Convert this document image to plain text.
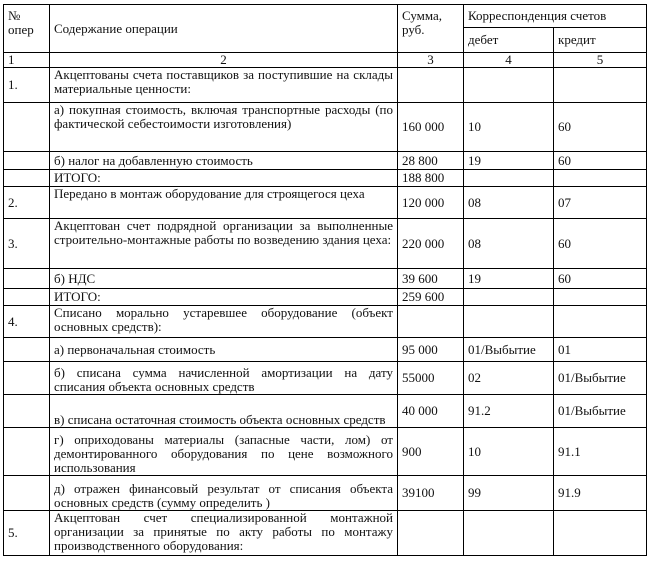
№ опер	Содержание операции	Сумма, руб.	Корреспонденция счетов	
			дебет	кредит
1	2	3	4	5
1.	Акцептованы счета поставщиков за поступившие на склады материальные ценности:			
	а) покупная стоимость, включая транспортные расходы (по фактической себестоимости изготовления)	160 000	10	60
	б) налог на добавленную стоимость	28 800	19	60
	ИТОГО:	188 800		
2.	Передано в монтаж оборудование для строящегося цеха	120 000	08	07
3.	Акцептован счет подрядной организации за выполненные строительно-монтажные работы по возведению здания цеха:	220 000	08	60
	б) НДС	39 600	19	60
	ИТОГО:	259 600		
4.	Списано морально устаревшее оборудование (объект основных средств):			
	а) первоначальная стоимость	95 000	01/Выбытие	01
	б) списана сумма начисленной амортизации на дату списания объекта основных средств	55000	02	01/Выбытие
	в) списана остаточная стоимость объекта основных средств	40 000	91.2	01/Выбытие
	г) оприходованы материалы (запасные части, лом) от демонтированного оборудования по цене возможного использования	900	10	91.1
	д) отражен финансовый результат от списания объекта основных средств (сумму определить )	39100	99	91.9
5.	Акцептован счет специализированной монтажной организации за принятые по акту работы по монтажу производственного оборудования:			
